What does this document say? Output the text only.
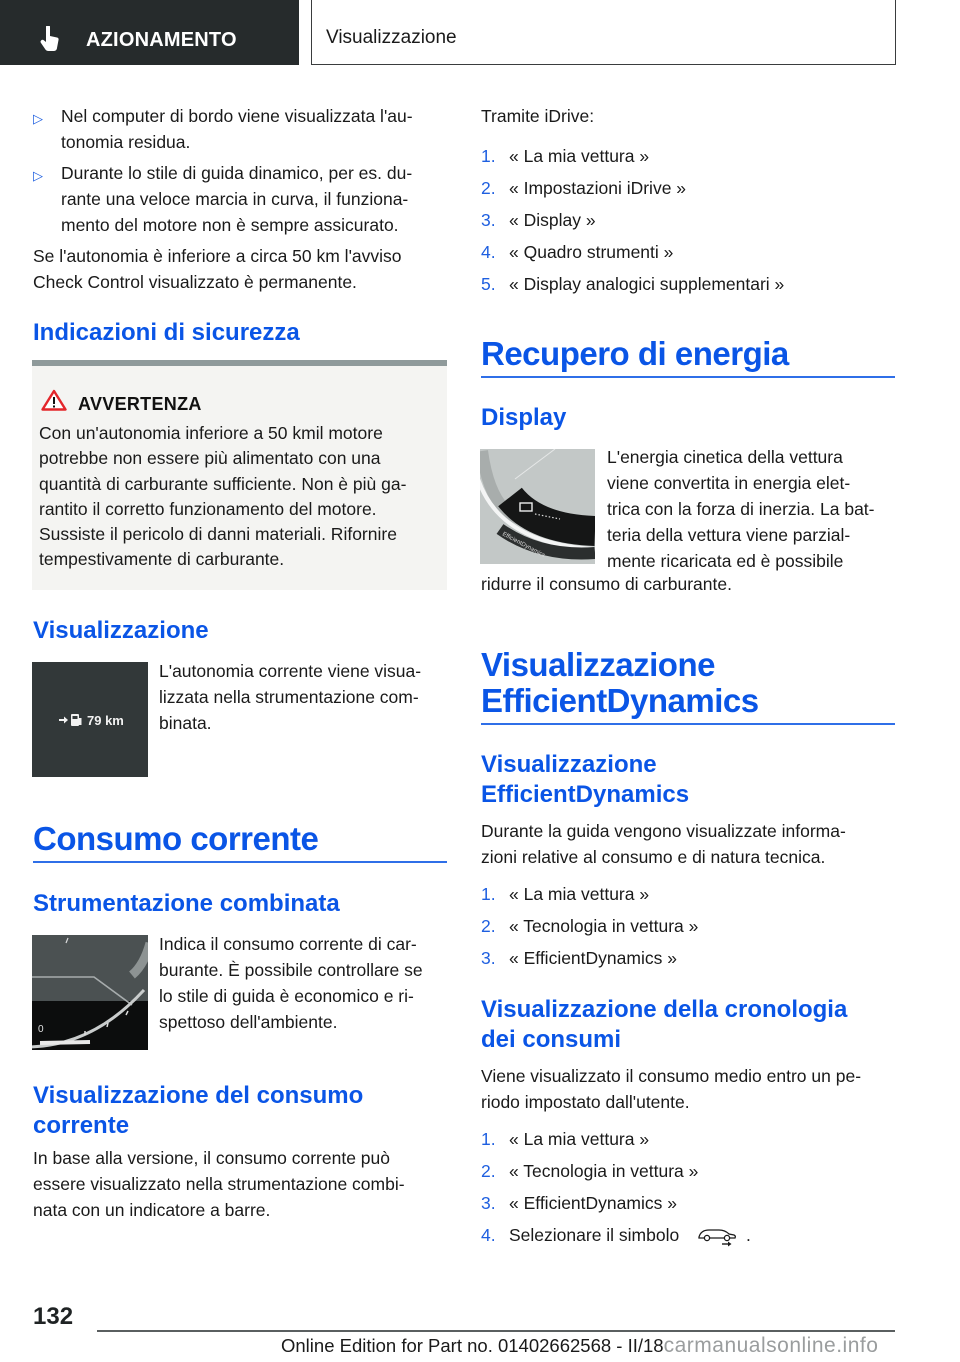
AZIONAMENTO	Visualizzazione
▷ Nel computer di bordo viene visualizzata l'au-
tonomia residua.
▷ Durante lo stile di guida dinamico, per es. du-
rante una veloce marcia in curva, il funziona-
mento del motore non è sempre assicurato.
Se l'autonomia è inferiore a circa 50 km l'avviso
Check Control visualizzato è permanente.
Indicazioni di sicurezza
AVVERTENZA
Con un'autonomia inferiore a 50 kmil motore
potrebbe non essere più alimentato con una
quantità di carburante sufficiente. Non è più ga-
rantito il corretto funzionamento del motore.
Sussiste il pericolo di danni materiali. Rifornire
tempestivamente di carburante.
Visualizzazione
79 km
L'autonomia corrente viene visua-
lizzata nella strumentazione com-
binata.
Consumo corrente
Strumentazione combinata
0
Indica il consumo corrente di car-
burante. È possibile controllare se
lo stile di guida è economico e ri-
spettoso dell'ambiente.
Visualizzazione del consumo
corrente
In base alla versione, il consumo corrente può
essere visualizzato nella strumentazione combi-
nata con un indicatore a barre.
Tramite iDrive:
1. « La mia vettura »
2. « Impostazioni iDrive »
3. « Display »
4. « Quadro strumenti »
5. « Display analogici supplementari »
Recupero di energia
Display
EfficientDynamics
L'energia cinetica della vettura
viene convertita in energia elet-
trica con la forza di inerzia. La bat-
teria della vettura viene parzial-
mente ricaricata ed è possibile
ridurre il consumo di carburante.
Visualizzazione
EfficientDynamics
Visualizzazione
EfficientDynamics
Durante la guida vengono visualizzate informa-
zioni relative al consumo e di natura tecnica.
1. « La mia vettura »
2. « Tecnologia in vettura »
3. « EfficientDynamics »
Visualizzazione della cronologia
dei consumi
Viene visualizzato il consumo medio entro un pe-
riodo impostato dall'utente.
1. « La mia vettura »
2. « Tecnologia in vettura »
3. « EfficientDynamics »
4. Selezionare il simbolo	.
132
Online Edition for Part no. 01402662568 - II/18carmanualsonline.info
